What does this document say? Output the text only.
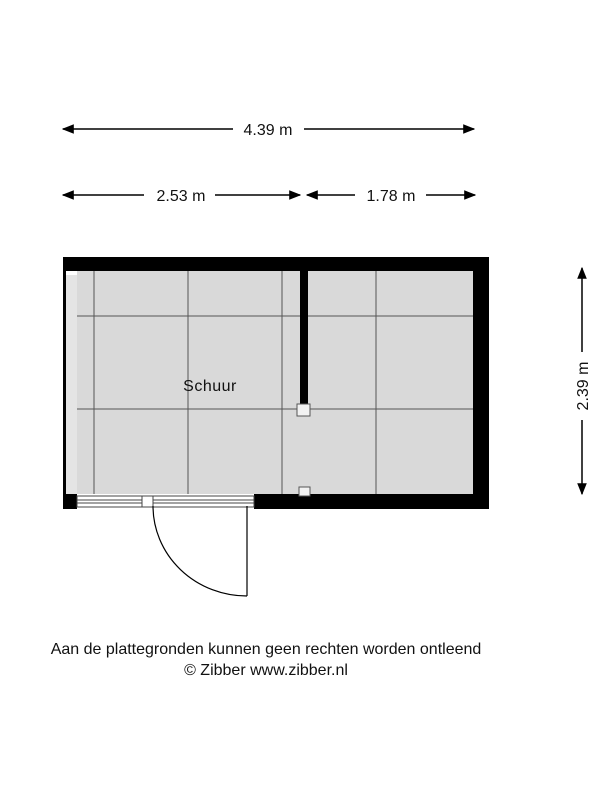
4.39 m
2.53 m	1.78 m
2.39 m
Schuur
Aan de plattegronden kunnen geen rechten worden ontleend
© Zibber www.zibber.nl
